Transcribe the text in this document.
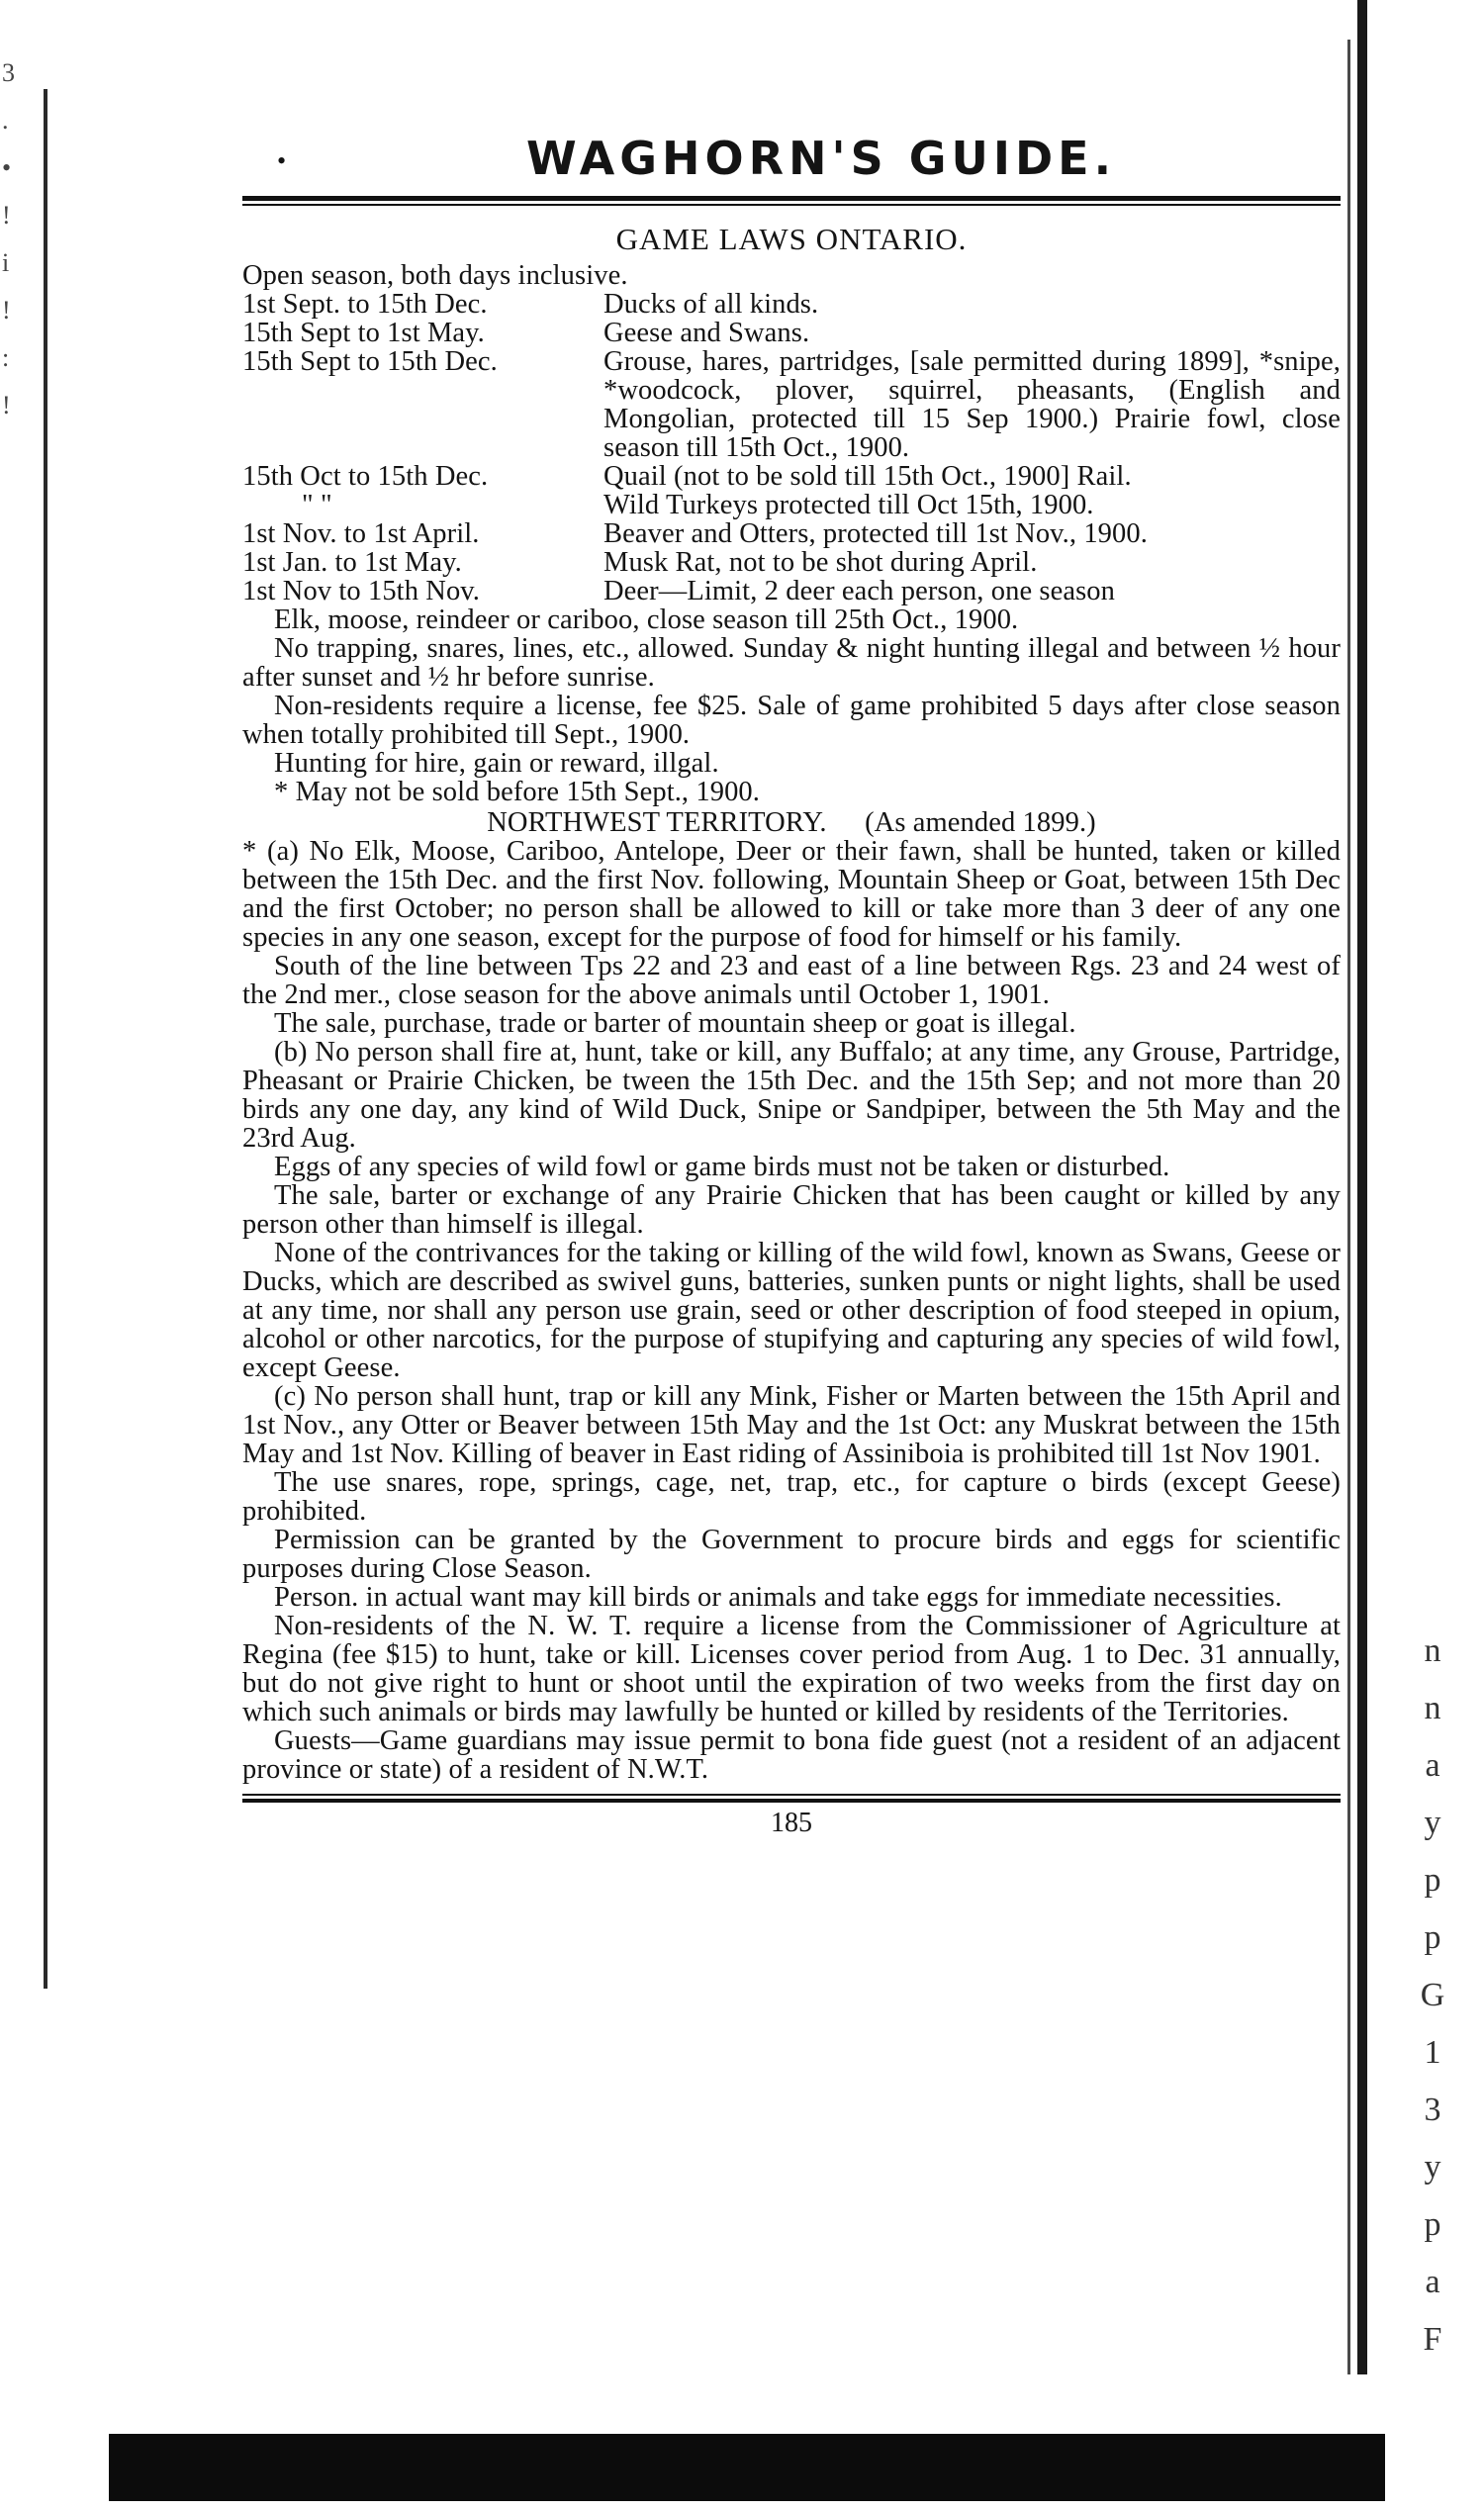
3
.
•
!
i
!
:
!
n
n
a
y
p
p
G
1
3
y
p
a
F
•	WAGHORN'S GUIDE.
GAME LAWS ONTARIO.

Open season, both days inclusive.

1st Sept. to 15th Dec.	Ducks of all kinds.
15th Sept to 1st May.	Geese and Swans.
15th Sept to 15th Dec.	Grouse, hares, partridges, [sale permitted during 1899], *snipe, *woodcock, plover, squirrel, pheasants, (English and Mongolian, protected till 15 Sep 1900.) Prairie fowl, close season till 15th Oct., 1900.
15th Oct to 15th Dec.	Quail (not to be sold till 15th Oct., 1900] Rail.
" "	Wild Turkeys protected till Oct 15th, 1900.
1st Nov. to 1st April.	Beaver and Otters, protected till 1st Nov., 1900.
1st Jan. to 1st May.	Musk Rat, not to be shot during April.
1st Nov to 15th Nov.	Deer—Limit, 2 deer each person, one season

Elk, moose, reindeer or cariboo, close season till 25th Oct., 1900.

No trapping, snares, lines, etc., allowed. Sunday & night hunting illegal and between ½ hour after sunset and ½ hr before sunrise.

Non-residents require a license, fee $25. Sale of game prohibited 5 days after close season when totally prohibited till Sept., 1900.

Hunting for hire, gain or reward, illgal.

* May not be sold before 15th Sept., 1900.

NORTHWEST TERRITORY. (As amended 1899.)

* (a) No Elk, Moose, Cariboo, Antelope, Deer or their fawn, shall be hunted, taken or killed between the 15th Dec. and the first Nov. following, Mountain Sheep or Goat, between 15th Dec and the first October; no person shall be allowed to kill or take more than 3 deer of any one species in any one season, except for the purpose of food for himself or his family.

South of the line between Tps 22 and 23 and east of a line between Rgs. 23 and 24 west of the 2nd mer., close season for the above animals until October 1, 1901.

The sale, purchase, trade or barter of mountain sheep or goat is illegal.

(b) No person shall fire at, hunt, take or kill, any Buffalo; at any time, any Grouse, Partridge, Pheasant or Prairie Chicken, be tween the 15th Dec. and the 15th Sep; and not more than 20 birds any one day, any kind of Wild Duck, Snipe or Sandpiper, between the 5th May and the 23rd Aug.

Eggs of any species of wild fowl or game birds must not be taken or disturbed.

The sale, barter or exchange of any Prairie Chicken that has been caught or killed by any person other than himself is illegal.

None of the contrivances for the taking or killing of the wild fowl, known as Swans, Geese or Ducks, which are described as swivel guns, batteries, sunken punts or night lights, shall be used at any time, nor shall any person use grain, seed or other description of food steeped in opium, alcohol or other narcotics, for the purpose of stupifying and capturing any species of wild fowl, except Geese.

(c) No person shall hunt, trap or kill any Mink, Fisher or Marten between the 15th April and 1st Nov., any Otter or Beaver between 15th May and the 1st Oct: any Muskrat between the 15th May and 1st Nov. Killing of beaver in East riding of Assiniboia is prohibited till 1st Nov 1901.

The use snares, rope, springs, cage, net, trap, etc., for capture o birds (except Geese) prohibited.

Permission can be granted by the Government to procure birds and eggs for scientific purposes during Close Season.

Person. in actual want may kill birds or animals and take eggs for immediate necessities.

Non-residents of the N. W. T. require a license from the Commissioner of Agriculture at Regina (fee $15) to hunt, take or kill. Licenses cover period from Aug. 1 to Dec. 31 annually, but do not give right to hunt or shoot until the expiration of two weeks from the first day on which such animals or birds may lawfully be hunted or killed by residents of the Territories.

Guests—Game guardians may issue permit to bona fide guest (not a resident of an adjacent province or state) of a resident of N.W.T.

185
